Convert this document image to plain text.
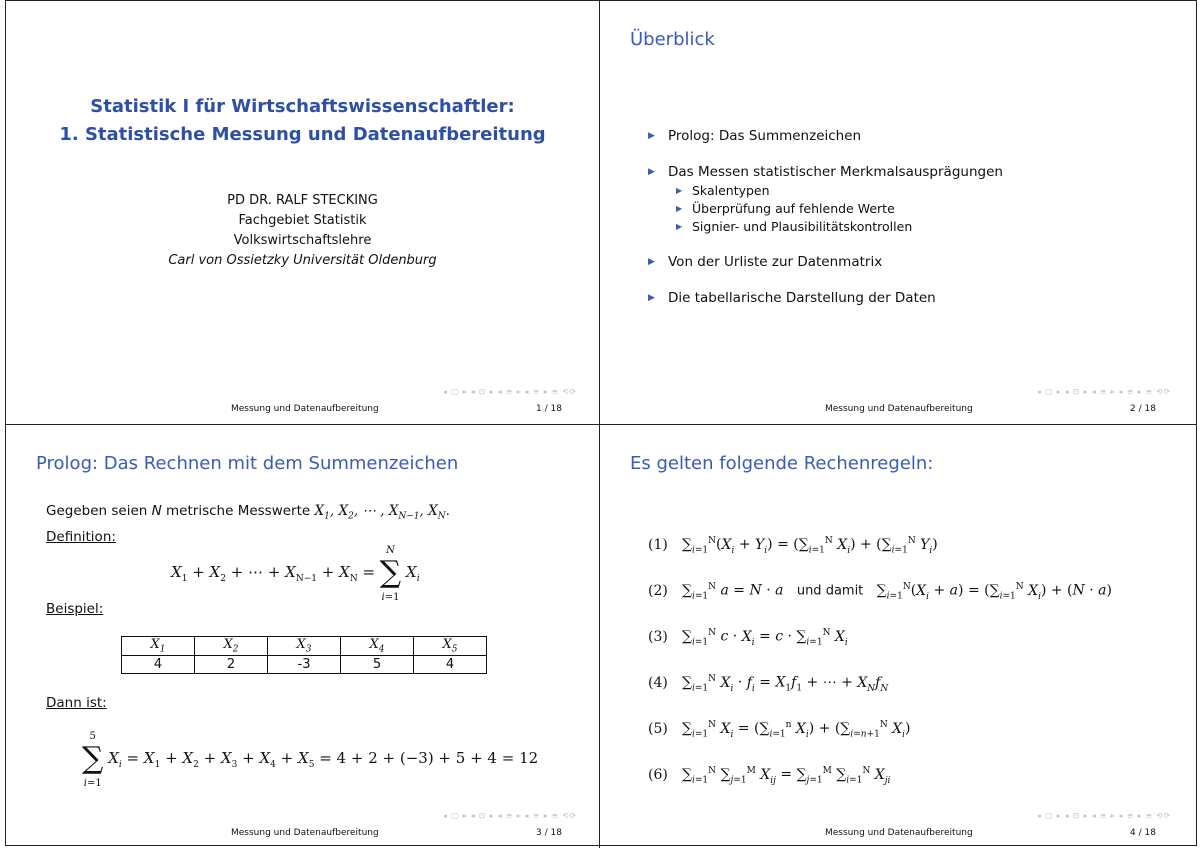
Statistik I für Wirtschaftswissenschaftler:
1. Statistische Messung und Datenaufbereitung
PD DR. RALF STECKING
Fachgebiet Statistik
Volkswirtschaftslehre
Carl von Ossietzky Universität Oldenburg
◂ □ ▸ ◂ ⊡ ▸ ◂ ≡ ▸ ◂ ≡ ▸ ≡ ⟲⟳
Messung und Datenaufbereitung	1 / 18
Überblick
▶ Prolog: Das Summenzeichen
▶ Das Messen statistischer Merkmalsausprägungen
▶ Skalentypen
▶ Überprüfung auf fehlende Werte
▶ Signier- und Plausibilitätskontrollen
▶ Von der Urliste zur Datenmatrix
▶ Die tabellarische Darstellung der Daten
◂ □ ▸ ◂ ⊡ ▸ ◂ ≡ ▸ ◂ ≡ ▸ ≡ ⟲⟳
Messung und Datenaufbereitung	2 / 18
Prolog: Das Rechnen mit dem Summenzeichen
Gegeben seien N metrische Messwerte $X_1$, $X_2$, ⋯ , $X_{N-1}$, $X_N$.
Definition:
$X_1 + X_2$ + ⋯ + $X_{N-1} + X_N = N$
∑
i=1 $X_i$
Beispiel:
$X_1$	$X_2$	$X_3$	$X_4$	$X_5$
4	2	-3	5	4
Dann ist:
5
∑
i=1 $X_i = X_1 + X_2 + X_3 + X_4 + X_5 = 4 + 2 + (-3) + 5 + 4 = 12$
◂ □ ▸ ◂ ⊡ ▸ ◂ ≡ ▸ ◂ ≡ ▸ ≡ ⟲⟳
Messung und Datenaufbereitung	3 / 18
Es gelten folgende Rechenregeln:
(1) $\sum_{i=1}^N(X_i + Y_i) = (\sum_{i=1}^N$ $X_i) + (\sum_{i=1}^N$ $Y_i$)
(2) $\sum_{i=1}^N$ a = N · a und damit   $\sum_{i=1}^N(X_i + a) = (\sum_{i=1}^N$ $X_i) + (N \cdot a)$
(3) $\sum_{i=1}^N$ $c \cdot X_i = c \cdot \sum_{i=1}^N$ $X_i$
(4) $\sum_{i=1}^N$ $X_i \cdot f_i = X_1f_1$ + ⋯ + $X_Nf_N$
(5) $\sum_{i=1}^N$ $X_i = (\sum_{i=1}^n$ $X_i) + (\sum_{i=n+1}^N$ $X_i$)
(6) $\sum_{i=1}^N$ $\sum_{j=1}^M$ $X_{ij} = \sum_{j=1}^M$ $\sum_{i=1}^N$ $X_{ji}$
◂ □ ▸ ◂ ⊡ ▸ ◂ ≡ ▸ ◂ ≡ ▸ ≡ ⟲⟳
Messung und Datenaufbereitung	4 / 18
